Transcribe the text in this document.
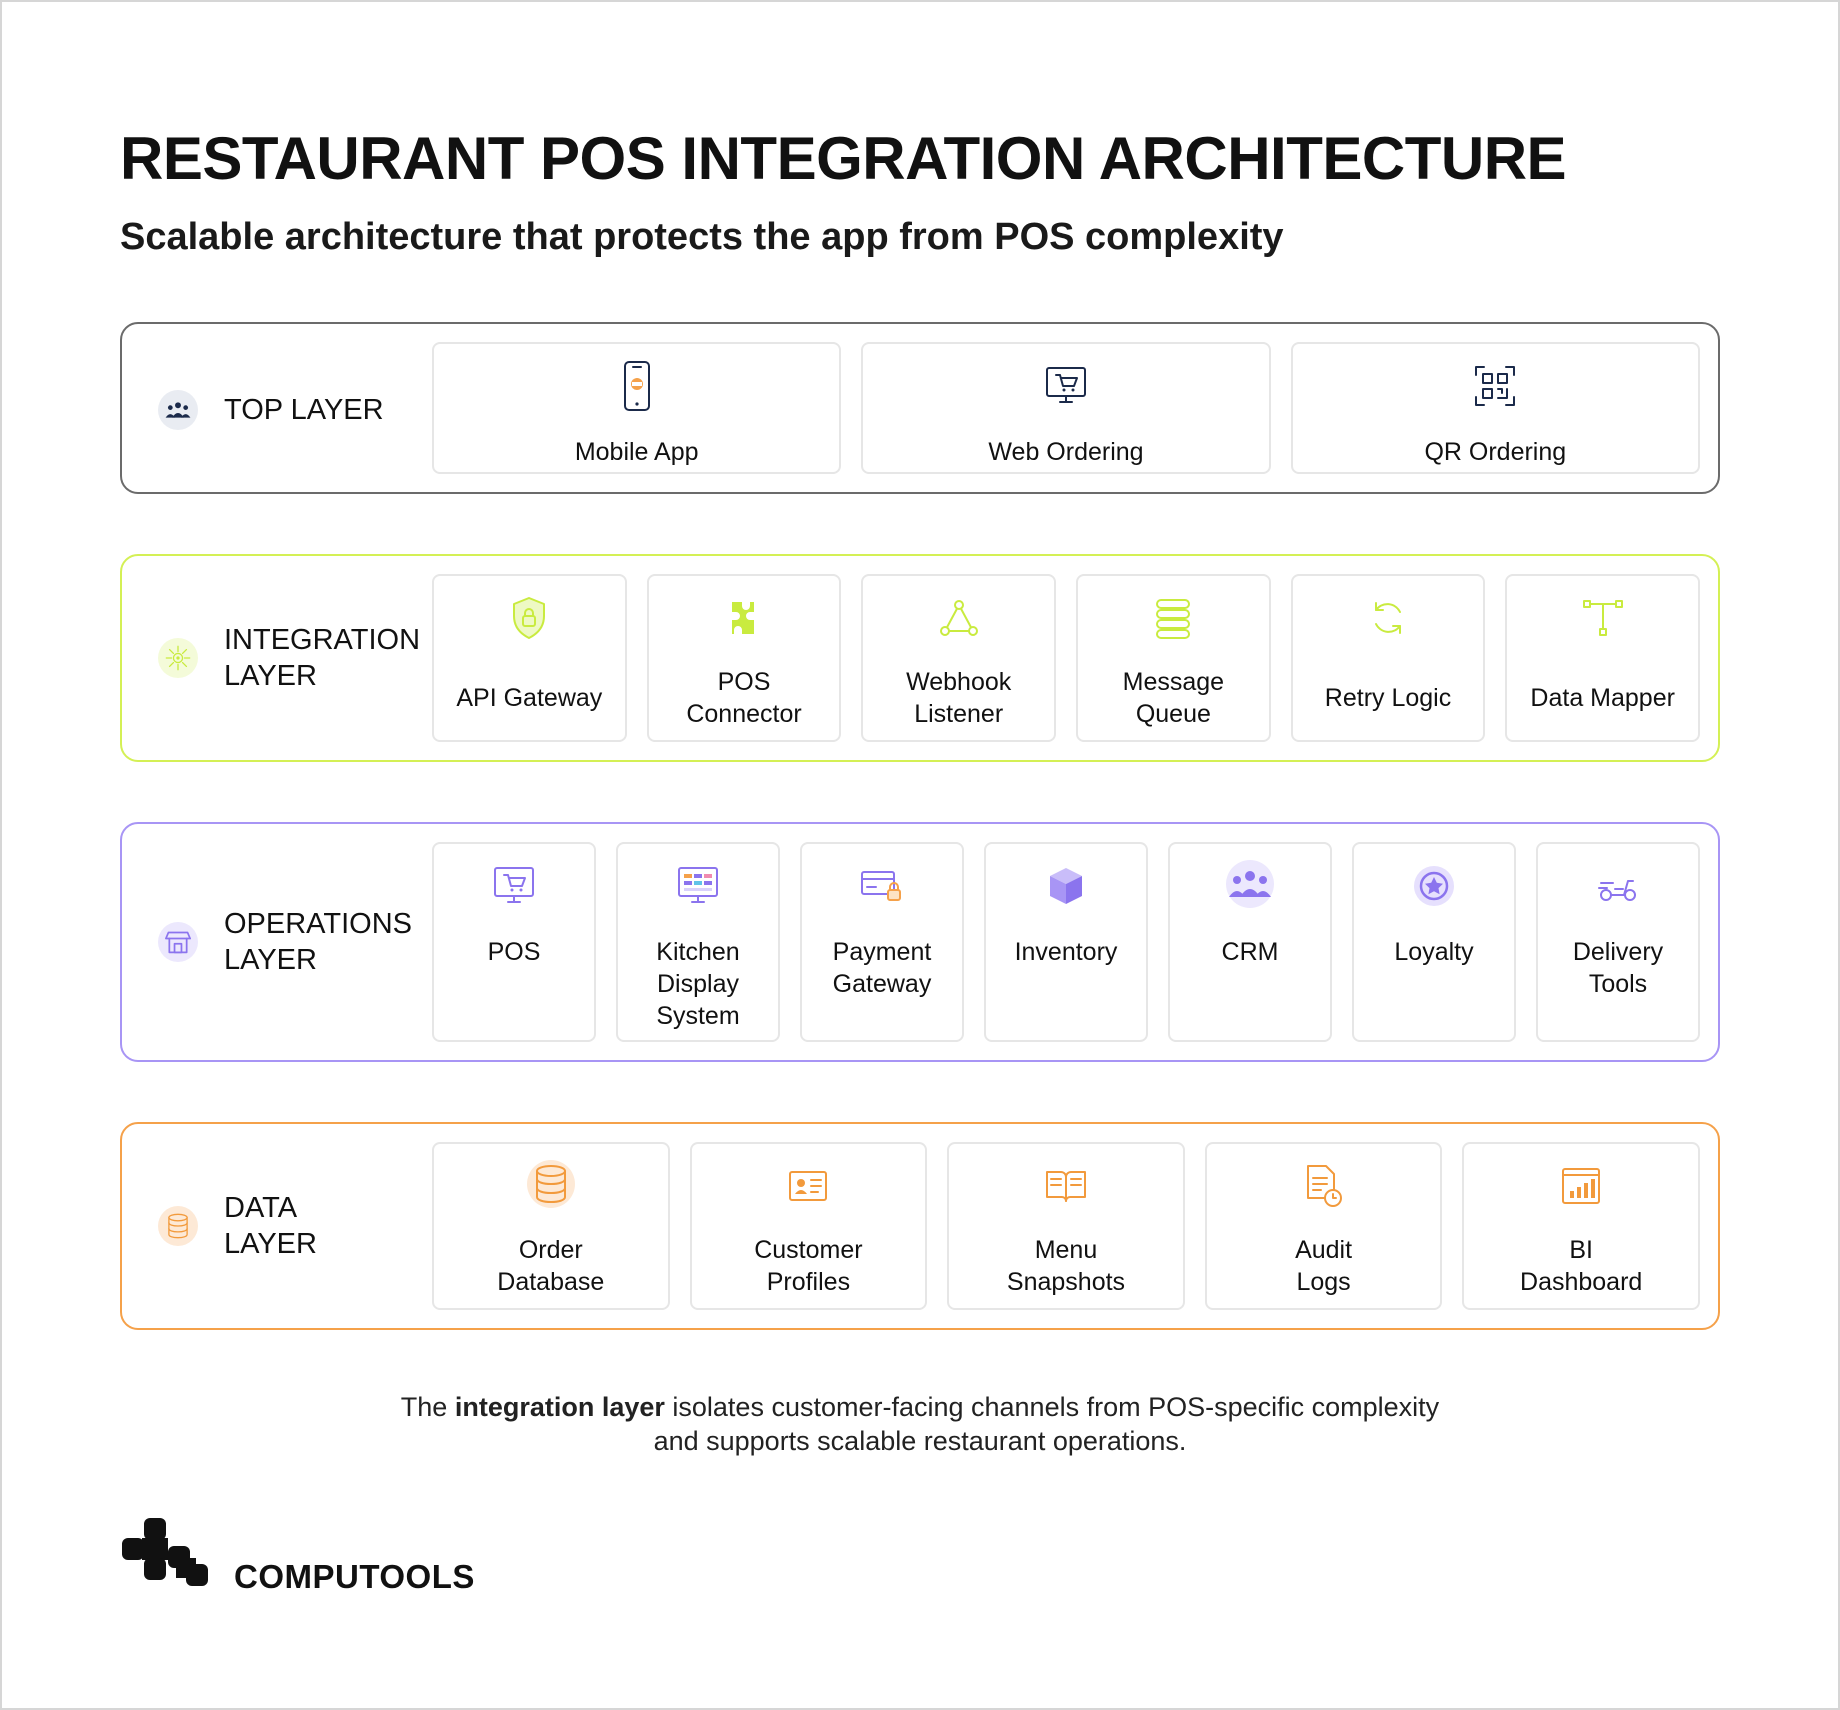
RESTAURANT POS INTEGRATION ARCHITECTURE
Scalable architecture that protects the app from POS complexity
TOP LAYER
Mobile App	Web Ordering	QR Ordering
INTEGRATION
LAYER
API Gateway
POS
Connector
Webhook
Listener
Message
Queue
Retry Logic	Data Mapper
OPERATIONS
LAYER	POS	Kitchen
Display
System
Payment
Gateway
Inventory	CRM	Loyalty	Delivery
Tools
DATA
LAYER	Order
Database
Customer
Profiles
Menu
Snapshots
Audit
Logs
BI
Dashboard
The integration layer isolates customer-facing channels from POS-specific complexity
and supports scalable restaurant operations.
COMPUTOOLS
